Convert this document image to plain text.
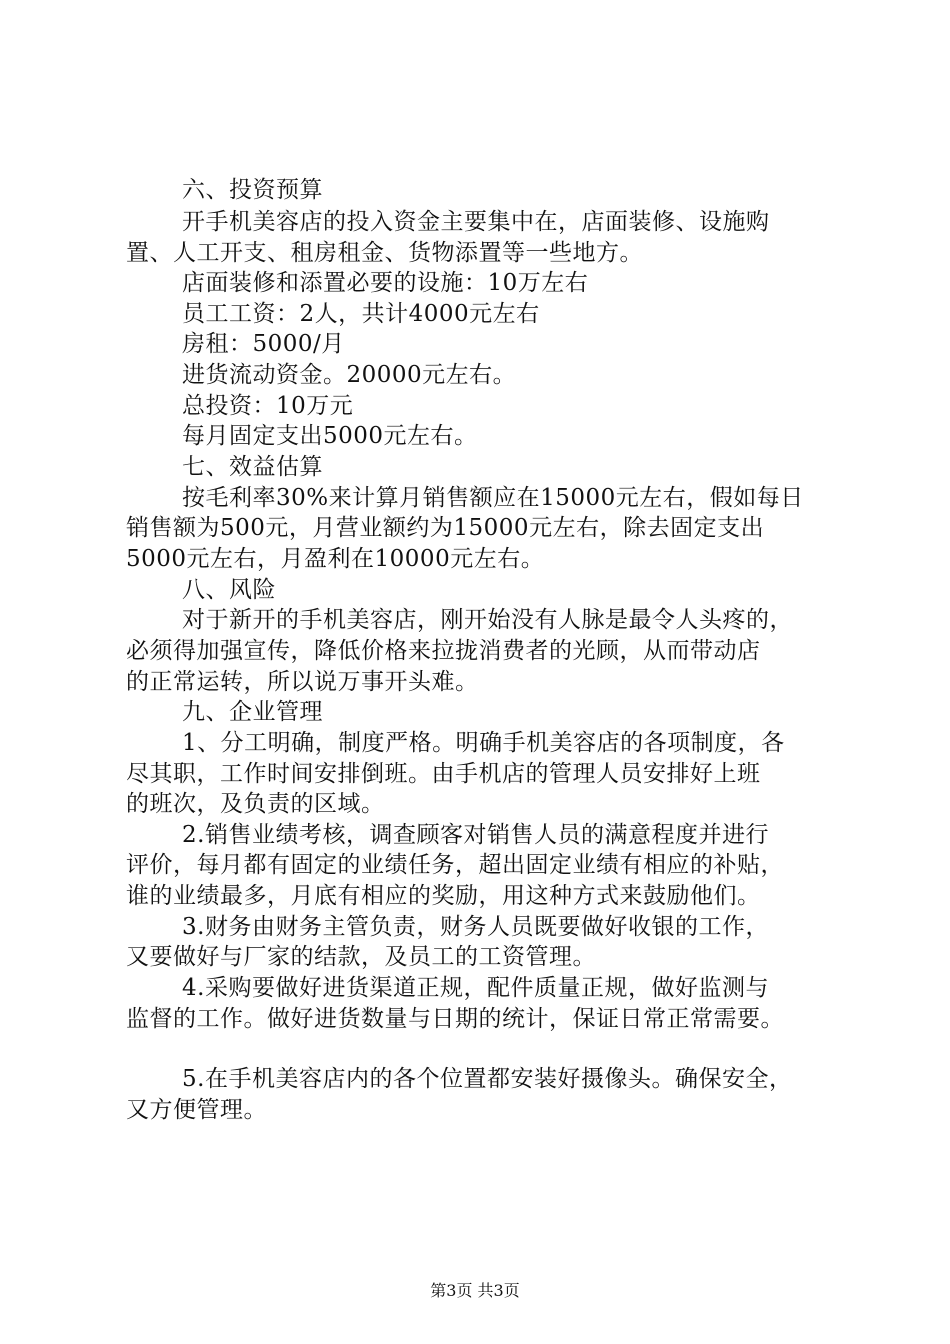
六、投资预算
开手机美容店的投入资金主要集中在，店面装修、设施购
置、人工开支、租房租金、货物添置等一些地方。
店面装修和添置必要的设施：10万左右
员工工资：2人，共计4000元左右
房租：5000/月
进货流动资金。20000元左右。
总投资：10万元
每月固定支出5000元左右。
七、效益估算
按毛利率30%来计算月销售额应在15000元左右，假如每日
销售额为500元，月营业额约为15000元左右，除去固定支出
5000元左右，月盈利在10000元左右。
八、风险
对于新开的手机美容店，刚开始没有人脉是最令人头疼的，
必须得加强宣传，降低价格来拉拢消费者的光顾，从而带动店
的正常运转，所以说万事开头难。
九、企业管理
1、分工明确，制度严格。明确手机美容店的各项制度，各
尽其职，工作时间安排倒班。由手机店的管理人员安排好上班
的班次，及负责的区域。
2.销售业绩考核，调查顾客对销售人员的满意程度并进行
评价，每月都有固定的业绩任务，超出固定业绩有相应的补贴，
谁的业绩最多，月底有相应的奖励，用这种方式来鼓励他们。
3.财务由财务主管负责，财务人员既要做好收银的工作，
又要做好与厂家的结款，及员工的工资管理。
4.采购要做好进货渠道正规，配件质量正规，做好监测与
监督的工作。做好进货数量与日期的统计，保证日常正常需要。
5.在手机美容店内的各个位置都安装好摄像头。确保安全，
又方便管理。
第3页 共3页
